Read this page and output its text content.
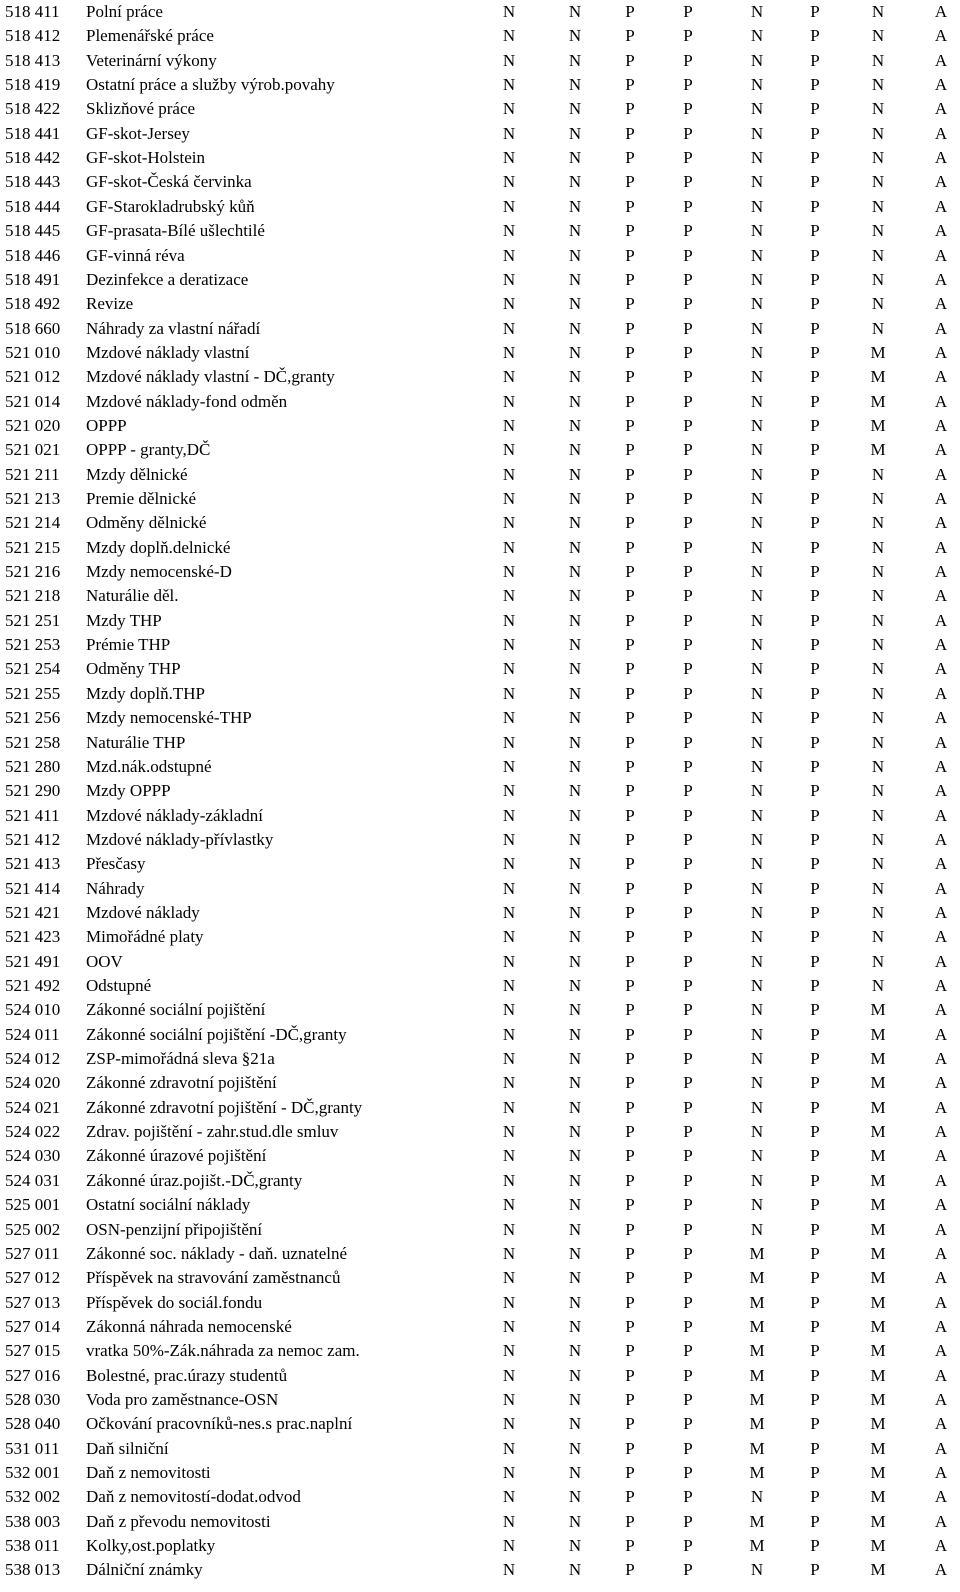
518 411 Polní práce	N	N	P	P	N	P	N	A
518 412 Plemenářské práce	N	N	P	P	N	P	N	A
518 413 Veterinární výkony	N	N	P	P	N	P	N	A
518 419 Ostatní práce a služby výrob.povahy	N	N	P	P	N	P	N	A
518 422 Sklizňové práce	N	N	P	P	N	P	N	A
518 441 GF-skot-Jersey	N	N	P	P	N	P	N	A
518 442 GF-skot-Holstein	N	N	P	P	N	P	N	A
518 443 GF-skot-Česká červinka	N	N	P	P	N	P	N	A
518 444 GF-Starokladrubský kůň	N	N	P	P	N	P	N	A
518 445 GF-prasata-Bílé ušlechtilé	N	N	P	P	N	P	N	A
518 446 GF-vinná réva	N	N	P	P	N	P	N	A
518 491 Dezinfekce a deratizace	N	N	P	P	N	P	N	A
518 492 Revize	N	N	P	P	N	P	N	A
518 660 Náhrady za vlastní nářadí	N	N	P	P	N	P	N	A
521 010 Mzdové náklady vlastní	N	N	P	P	N	P	M	A
521 012 Mzdové náklady vlastní - DČ,granty	N	N	P	P	N	P	M	A
521 014 Mzdové náklady-fond odměn	N	N	P	P	N	P	M	A
521 020 OPPP	N	N	P	P	N	P	M	A
521 021 OPPP - granty,DČ	N	N	P	P	N	P	M	A
521 211 Mzdy dělnické	N	N	P	P	N	P	N	A
521 213 Premie dělnické	N	N	P	P	N	P	N	A
521 214 Odměny dělnické	N	N	P	P	N	P	N	A
521 215 Mzdy doplň.delnické	N	N	P	P	N	P	N	A
521 216 Mzdy nemocenské-D	N	N	P	P	N	P	N	A
521 218 Naturálie děl.	N	N	P	P	N	P	N	A
521 251 Mzdy THP	N	N	P	P	N	P	N	A
521 253 Prémie THP	N	N	P	P	N	P	N	A
521 254 Odměny THP	N	N	P	P	N	P	N	A
521 255 Mzdy doplň.THP	N	N	P	P	N	P	N	A
521 256 Mzdy nemocenské-THP	N	N	P	P	N	P	N	A
521 258 Naturálie THP	N	N	P	P	N	P	N	A
521 280 Mzd.nák.odstupné	N	N	P	P	N	P	N	A
521 290 Mzdy OPPP	N	N	P	P	N	P	N	A
521 411 Mzdové náklady-základní	N	N	P	P	N	P	N	A
521 412 Mzdové náklady-přívlastky	N	N	P	P	N	P	N	A
521 413 Přesčasy	N	N	P	P	N	P	N	A
521 414 Náhrady	N	N	P	P	N	P	N	A
521 421 Mzdové náklady	N	N	P	P	N	P	N	A
521 423 Mimořádné platy	N	N	P	P	N	P	N	A
521 491 OOV	N	N	P	P	N	P	N	A
521 492 Odstupné	N	N	P	P	N	P	N	A
524 010 Zákonné sociální pojištění	N	N	P	P	N	P	M	A
524 011 Zákonné sociální pojištění -DČ,granty	N	N	P	P	N	P	M	A
524 012 ZSP-mimořádná sleva §21a	N	N	P	P	N	P	M	A
524 020 Zákonné zdravotní pojištění	N	N	P	P	N	P	M	A
524 021 Zákonné zdravotní pojištění - DČ,granty	N	N	P	P	N	P	M	A
524 022 Zdrav. pojištění - zahr.stud.dle smluv	N	N	P	P	N	P	M	A
524 030 Zákonné úrazové pojištění	N	N	P	P	N	P	M	A
524 031 Zákonné úraz.pojišt.-DČ,granty	N	N	P	P	N	P	M	A
525 001 Ostatní sociální náklady	N	N	P	P	N	P	M	A
525 002 OSN-penzijní připojištění	N	N	P	P	N	P	M	A
527 011 Zákonné soc. náklady - daň. uznatelné	N	N	P	P	M	P	M	A
527 012 Příspěvek na stravování zaměstnanců	N	N	P	P	M	P	M	A
527 013 Příspěvek do sociál.fondu	N	N	P	P	M	P	M	A
527 014 Zákonná náhrada nemocenské	N	N	P	P	M	P	M	A
527 015 vratka 50%-Zák.náhrada za nemoc zam.	N	N	P	P	M	P	M	A
527 016 Bolestné, prac.úrazy studentů	N	N	P	P	M	P	M	A
528 030 Voda pro zaměstnance-OSN	N	N	P	P	M	P	M	A
528 040 Očkování pracovníků-nes.s prac.naplní	N	N	P	P	M	P	M	A
531 011 Daň silniční	N	N	P	P	M	P	M	A
532 001 Daň z nemovitosti	N	N	P	P	M	P	M	A
532 002 Daň z nemovitostí-dodat.odvod	N	N	P	P	N	P	M	A
538 003 Daň z převodu nemovitosti	N	N	P	P	M	P	M	A
538 011 Kolky,ost.poplatky	N	N	P	P	M	P	M	A
538 013 Dálniční známky	N	N	P	P	N	P	M	A
